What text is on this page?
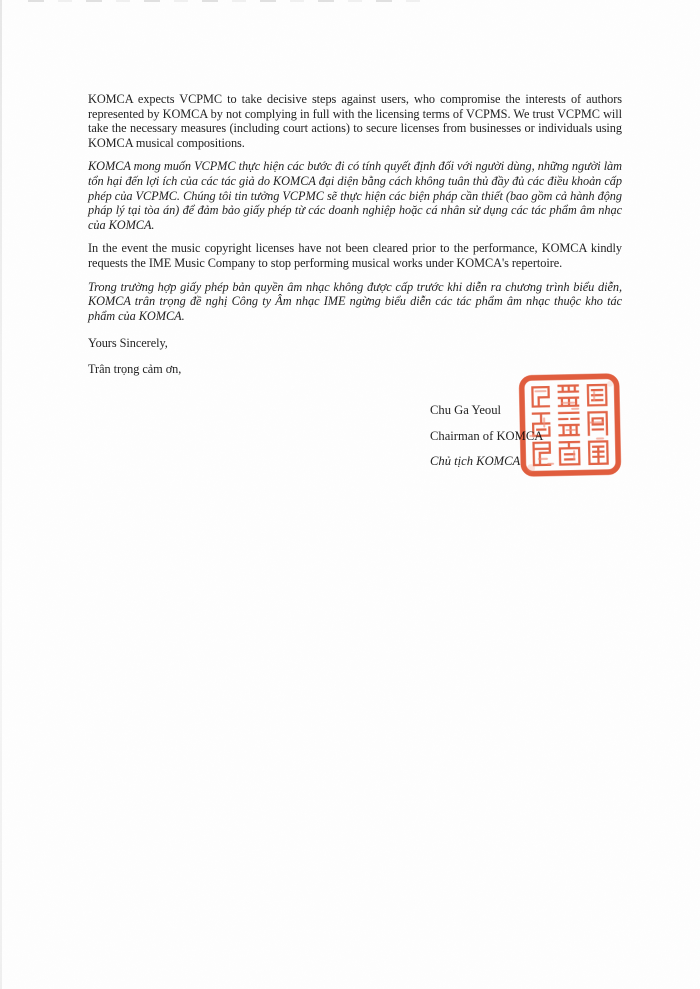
KOMCA expects VCPMC to take decisive steps against users, who compromise the interests of authors represented by KOMCA by not complying in full with the licensing terms of VCPMS. We trust VCPMC will take the necessary measures (including court actions) to secure licenses from businesses or individuals using KOMCA musical compositions.

KOMCA mong muốn VCPMC thực hiện các bước đi có tính quyết định đối với người dùng, những người làm tổn hại đến lợi ích của các tác giả do KOMCA đại diện bằng cách không tuân thủ đầy đủ các điều khoản cấp phép của VCPMC. Chúng tôi tin tưởng VCPMC sẽ thực hiện các biện pháp cần thiết (bao gồm cả hành động pháp lý tại tòa án) để đảm bảo giấy phép từ các doanh nghiệp hoặc cá nhân sử dụng các tác phẩm âm nhạc của KOMCA.

In the event the music copyright licenses have not been cleared prior to the performance, KOMCA kindly requests the IME Music Company to stop performing musical works under KOMCA's repertoire.

Trong trường hợp giấy phép bản quyền âm nhạc không được cấp trước khi diễn ra chương trình biểu diễn, KOMCA trân trọng đề nghị Công ty Âm nhạc IME ngừng biểu diễn các tác phẩm âm nhạc thuộc kho tác phẩm của KOMCA.

Yours Sincerely,

Trân trọng cảm ơn,

Chu Ga Yeoul
Chairman of KOMCA
Chủ tịch KOMCA
